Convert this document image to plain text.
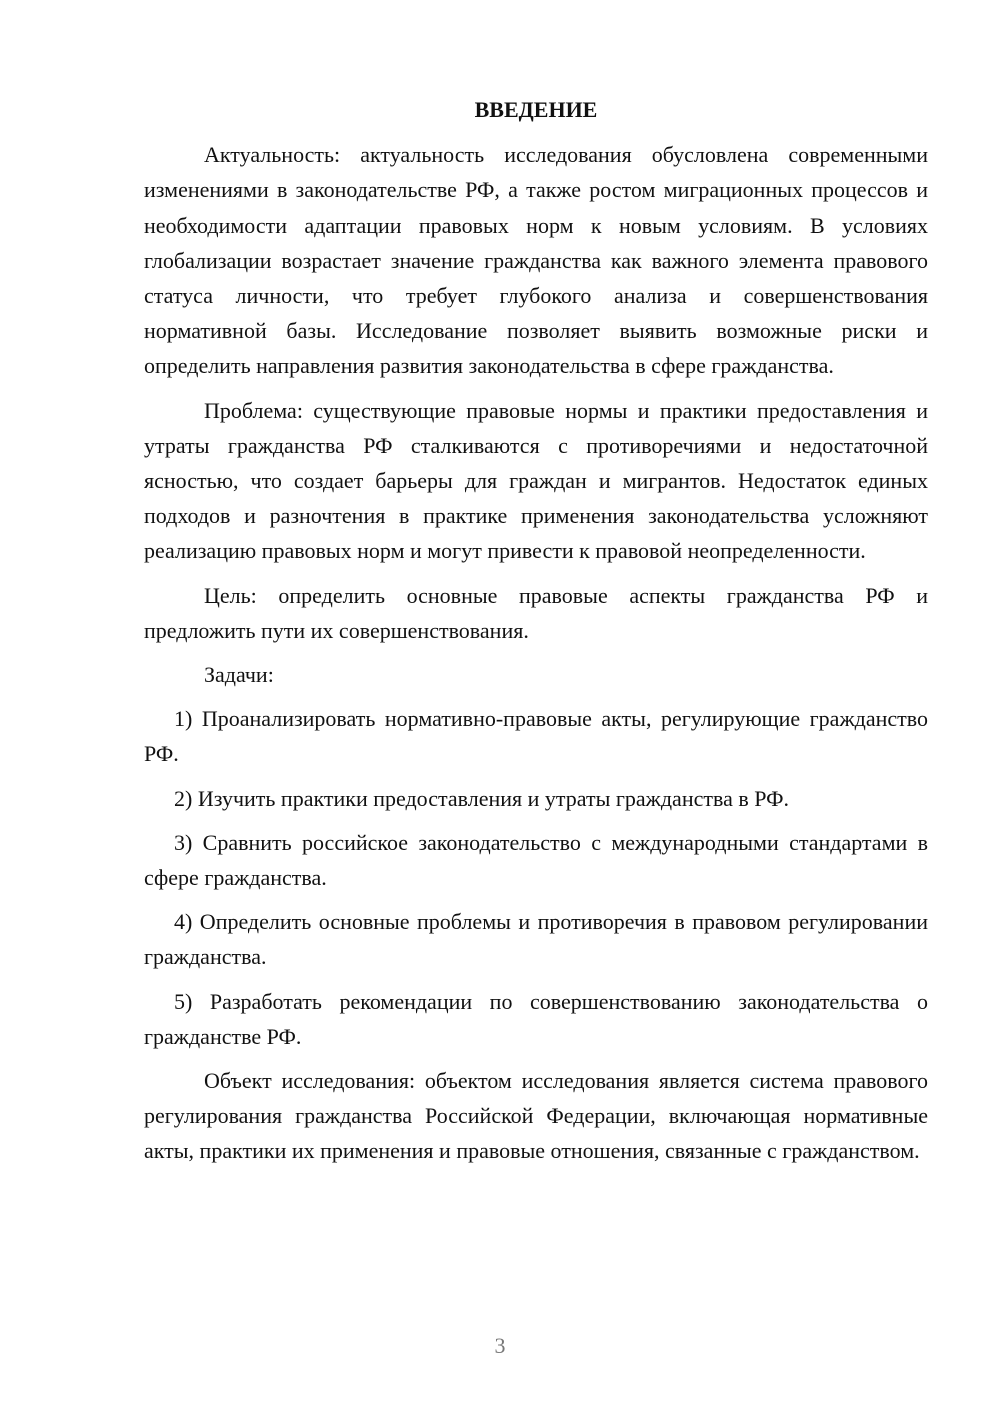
ВВЕДЕНИЕ

Актуальность: актуальность исследования обусловлена современными изменениями в законодательстве РФ, а также ростом миграционных процессов и необходимости адаптации правовых норм к новым условиям. В условиях глобализации возрастает значение гражданства как важного элемента правового статуса личности, что требует глубокого анализа и совершенствования нормативной базы. Исследование позволяет выявить возможные риски и определить направления развития законодательства в сфере гражданства.

Проблема: существующие правовые нормы и практики предоставления и утраты гражданства РФ сталкиваются с противоречиями и недостаточной ясностью, что создает барьеры для граждан и мигрантов. Недостаток единых подходов и разночтения в практике применения законодательства усложняют реализацию правовых норм и могут привести к правовой неопределенности.

Цель: определить основные правовые аспекты гражданства РФ и предложить пути их совершенствования.

Задачи:

1) Проанализировать нормативно-правовые акты, регулирующие гражданство РФ.

2) Изучить практики предоставления и утраты гражданства в РФ.

3) Сравнить российское законодательство с международными стандартами в сфере гражданства.

4) Определить основные проблемы и противоречия в правовом регулировании гражданства.

5) Разработать рекомендации по совершенствованию законодательства о гражданстве РФ.

Объект исследования: объектом исследования является система правового регулирования гражданства Российской Федерации, включающая нормативные акты, практики их применения и правовые отношения, связанные с гражданством.

3
